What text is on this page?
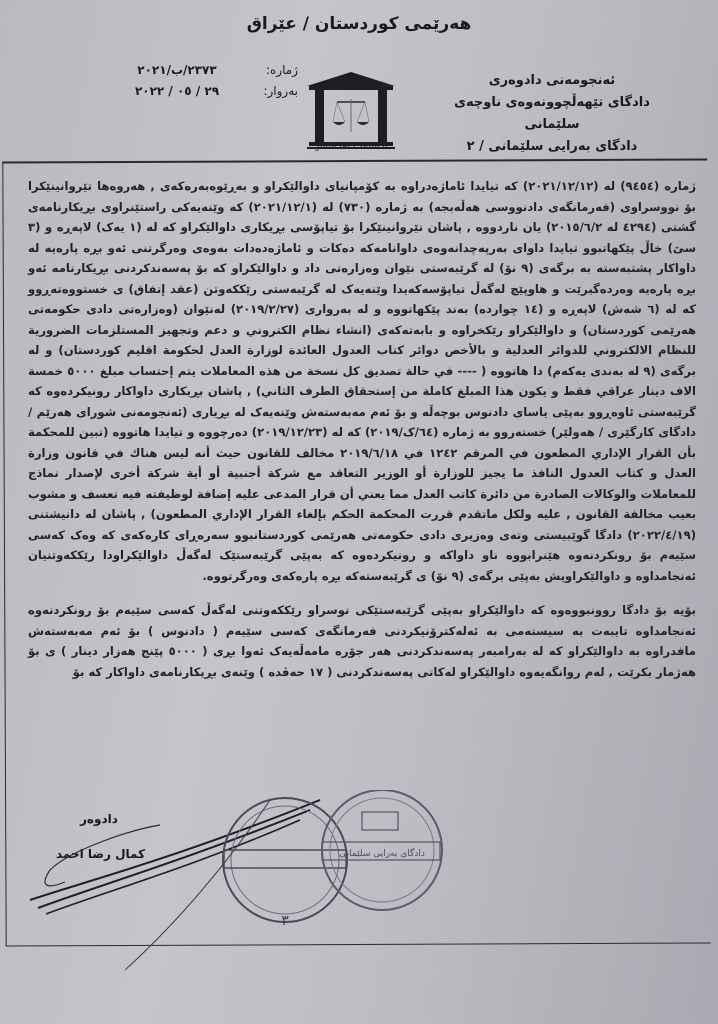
هەرێمی کوردستان / عێراق
ژمارە:
٢٣٧٣/ب/٢٠٢١
بەروار:
٢٩ / ٠٥ / ٢٠٢٢
Judicial Council
ئەنجومەنی دادوەری
دادگای تێهەڵچوونەوەی ناوچەی
سلێمانی
دادگای بەرایی سلێمانی / ٢

ژمارە (٩٤٥٤) لە (٢٠٢١/١٢/١٢) کە تیایدا ئاماژەدراوە بە کۆمپانیای داوالێکراو و بەڕێوەبەرەکەی , هەروەها تێروانینێکرا بۆ نووسراوی (فەرمانگەی دادنووسی هەڵەبجە) بە ژمارە (٧٣٠) لە (٢٠٢١/١٢/١) کە وێنەیەکی راستێنراوی بڕیکارنامەی گشتی (٤٢٩٤ لە ٢٠١٥/٦/٢) یان ناردووە , پاشان تێروانینێکرا بۆ تیاپۆسی بڕیکاری داوالێکراو کە لە (١ یەک) لاپەڕە و (٣ سێ) خاڵ پێکهاتبوو تیایدا داوای بەرپەچدانەوەی داوانامەکە دەکات و ئاماژەدەدات بەوەی وەرگرتنی ئەو بڕە پارەیە لە داواکار پشتبەستە بە برگەی (٩ نۆ) لە گرێبەستی نێوان وەزارەتی داد و داوالێکراو کە بۆ پەسەندکردنی بڕیکارنامە ئەو بڕە پارەیە وەردەگیرێت و هاوپێچ لەگەڵ تیاپۆسەکەیدا وێنەیەک لە گرێبەستی رێککەوتن (عقد إتفاق) ی خستووەتەڕوو کە لە (٦ شەش) لاپەڕە و (١٤ چواردە) بەند پێکهاتووە و لە بەرواری (٢٠١٩/٢/٢٧) لەنێوان (وەزارەتی دادی حکومەتی هەرێمی کوردستان) و داوالێکراو رێکخراوە و بابەتەکەی (انشاء نظام الكتروني و دعم وتجهيز المستلزمات الضرورية للنظام الالكتروني للدوائر العدلية و بالأخص دوائر كتاب العدول العائدة لوزارة العدل لحكومة اقليم كوردستان) و لە برگەی (٩ لە بەندی یەکەم) دا هاتووە ( ---- في حالة تصديق كل نسخة من هذه المعاملات يتم إحتساب مبلغ ٥٠٠٠ خمسة الاف دينار عراقي فقط و يكون هذا المبلغ كاملة من إستحقاق الطرف الثاني) , پاشان بڕیکاری داواکار رونیکردەوە کە گرێبەستی ئاوەڕوو بەپێی یاسای دادنوس بوچەڵە و بۆ ئەم مەبەستەش وێنەیەک لە بڕیاری (ئەنجومەنی شورای هەرێم / دادگای کارگێری / هەولێر) خستەروو بە ژمارە (٦٤/ک/٢٠١٩) کە لە (٢٠١٩/١٢/٢٣) دەرچووە و تیایدا هاتووە (تبين للمحكمة بأن القرار الإداري المطعون في المرقم ١٢٤٢ في ٢٠١٩/٦/١٨ مخالف للقانون حيث أنه ليس هناك في قانون وزارة العدل و كتاب العدول النافذ ما يجيز للوزارة أو الوزير التعاقد مع شركة أجنبية أو أية شركة أخرى لإصدار نماذج للمعاملات والوكالات الصادرة من دائرة كاتب العدل مما يعني أن قرار المدعى عليه إضافة لوظيفته فيه تعسف و مشوب بعيب مخالفة القانون , عليه ولكل ماتقدم قررت المحكمة الحكم بإلغاء القرار الإداري المطعون) , پاشان لە دانیشتنی (٢٠٢٢/٤/١٩) دادگا گوێبیستی وتەی وەزیری دادی حکومەتی هەرێمی کوردستانبوو سەرەڕای کارەکەی کە وەک کەسی سێیەم بۆ رونکردنەوە هێنرابووە ناو داواکە و رونیکردەوە کە بەپێی گرێبەستێک لەگەڵ داوالێکراودا رێککەوتنیان ئەنجامداوە و داوالێکراویش بەپێی برگەی (٩ نۆ) ی گرێبەستەکە بڕە پارەکەی وەرگرتووە.

بۆیە بۆ دادگا روونبووەوە کە داوالێکراو بەپێی گرێبەستێکی نوسراو رێککەوتنی لەگەڵ کەسی سێیەم بۆ رونکردنەوە ئەنجامداوە تایبەت بە سیستەمی بە ئەلەکترۆنیکردنی فەرمانگەی کەسی سێیەم ( دادنوس ) بۆ ئەم مەبەستەش مافدراوە بە داوالێکراو کە لە بەرامبەر پەسەندکردنی هەر جۆرە مامەڵەیەک ئەوا بڕی ( ٥٠٠٠ پێنج هەزار دینار ) ی بۆ هەژمار بکرێت , لەم روانگەیەوە داوالێکراو لەکاتی پەسەندکردنی ( ١٧ حەڤدە ) وێنەی بڕیکارنامەی داواکار کە بۆ

دادوەر
کمال رضا احمد	دادگای بەرایی سلێمانی
٣
